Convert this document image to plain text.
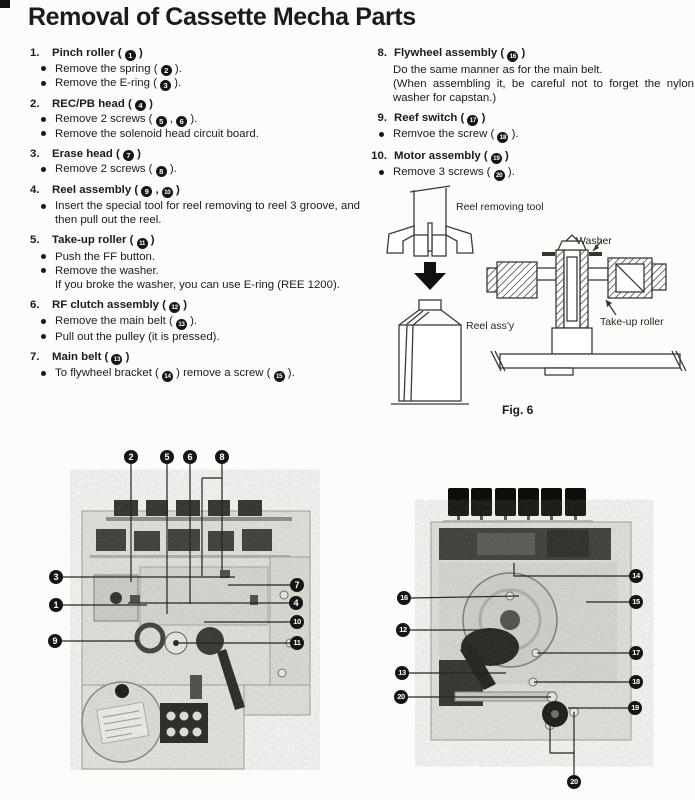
Removal of Cassette Mecha Parts
1.	Pinch roller ( 1 )
Remove the spring ( 2 ).
Remove the E-ring ( 3 ).
2.	REC/PB head ( 4 )
Remove 2 screws ( 5 , 6 ).
Remove the solenoid head circuit board.
3.	Erase head ( 7 )
Remove 2 screws ( 8 ).
4.	Reel assembly ( 9 , 10 )
Insert the special tool for reel removing to reel 3 groove, and then pull out the reel.
5.	Take-up roller ( 11 )
Push the FF button.
Remove the washer.
If you broke the washer, you can use E-ring (REE 1200).
6.	RF clutch assembly ( 12 )
Remove the main belt ( 13 ).
Pull out the pulley (it is pressed).
7.	Main belt ( 13 )
To flywheel bracket ( 14 ) remove a screw ( 15 ).
8. Flywheel assembly ( 16 )
Do the same manner as for the main belt.
(When assembling it, be careful not to forget the nylon washer for capstan.)
9. Reef switch ( 17 )
Remvoe the screw ( 18 ).
10. Motor assembly ( 19 )
Remove 3 screws ( 20 ).
Reel removing tool
Washer
Take-up roller
Reel ass'y
Fig. 6
2	5	6	8
3
1
9
7
4
10
11
14
16	15
12
17
13
18
20
19
20
